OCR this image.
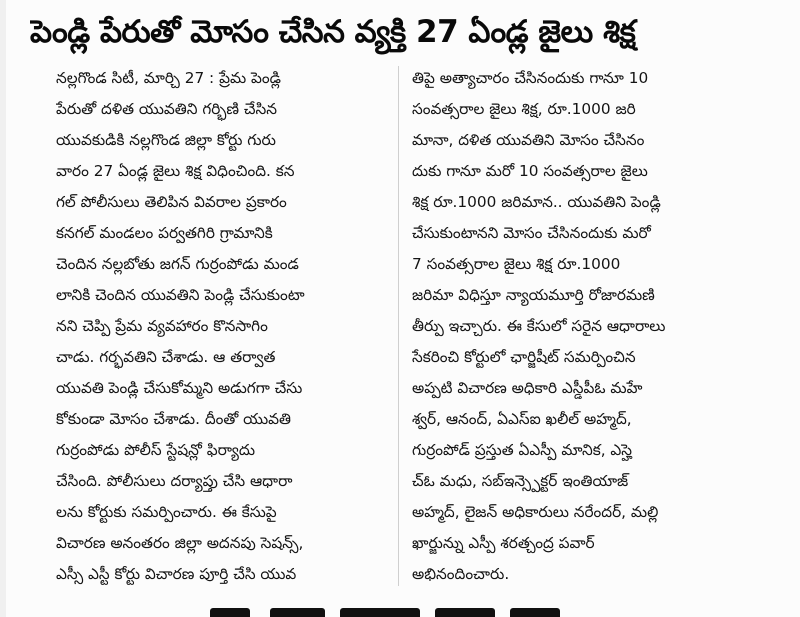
పెండ్లి పేరుతో మోసం చేసిన వ్యక్తి 27 ఏండ్ల జైలు శిక్ష
నల్లగొండ సిటీ, మార్చి 27 : ప్రేమ పెండ్లి
పేరుతో దళిత యువతిని గర్భిణి చేసిన
యువకుడికి నల్లగొండ జిల్లా కోర్టు గురు
వారం 27 ఏండ్ల జైలు శిక్ష విధించింది. కన
గల్ పోలీసులు తెలిపిన వివరాల ప్రకారం
కనగల్ మండలం పర్వతగిరి గ్రామానికి
చెందిన నల్లబోతు జగన్ గుర్రంపోడు మండ
లానికి చెందిన యువతిని పెండ్లి చేసుకుంటా
నని చెప్పి ప్రేమ వ్యవహారం కొనసాగిం
చాడు. గర్భవతిని చేశాడు. ఆ తర్వాత
యువతి పెండ్లి చేసుకోమ్మని అడుగగా చేసు
కోకుండా మోసం చేశాడు. దీంతో యువతి
గుర్రంపోడు పోలీస్ స్టేషన్లో ఫిర్యాదు
చేసింది. పోలీసులు దర్యాప్తు చేసి ఆధారా
లను కోర్టుకు సమర్పించారు. ఈ కేసుపై
విచారణ అనంతరం జిల్లా అదనపు సెషన్స్,
ఎస్సీ ఎస్టీ కోర్టు విచారణ పూర్తి చేసి యువ
తిపై అత్యాచారం చేసినందుకు గానూ 10
సంవత్సరాల జైలు శిక్ష, రూ.1000 జరి
మానా, దళిత యువతిని మోసం చేసినం
దుకు గానూ మరో 10 సంవత్సరాల జైలు
శిక్ష రూ.1000 జరిమాన.. యువతిని పెండ్లి
చేసుకుంటానని మోసం చేసినందుకు మరో
7 సంవత్సరాల జైలు శిక్ష రూ.1000
జరిమా విధిస్తూ న్యాయమూర్తి రోజారమణి
తీర్పు ఇచ్చారు. ఈ కేసులో సరైన ఆధారాలు
సేకరించి కోర్టులో ఛార్జిషీట్ సమర్పించిన
అప్పటి విచారణ అధికారి ఎస్డీపీఓ మహే
శ్వర్, ఆనంద్, ఏఎస్ఐ ఖలీల్ అహ్మద్,
గుర్రంపోడ్ ప్రస్తుత ఏఎస్పీ మానిక, ఎస్హె
చ్ఓ మధు, సబ్ఇన్స్పెక్టర్ ఇంతియాజ్
అహ్మద్, లైజన్ అధికారులు నరేందర్, మల్లి
ఖార్జున్ను ఎస్పీ శరత్చంద్ర పవార్
అభినందించారు.
